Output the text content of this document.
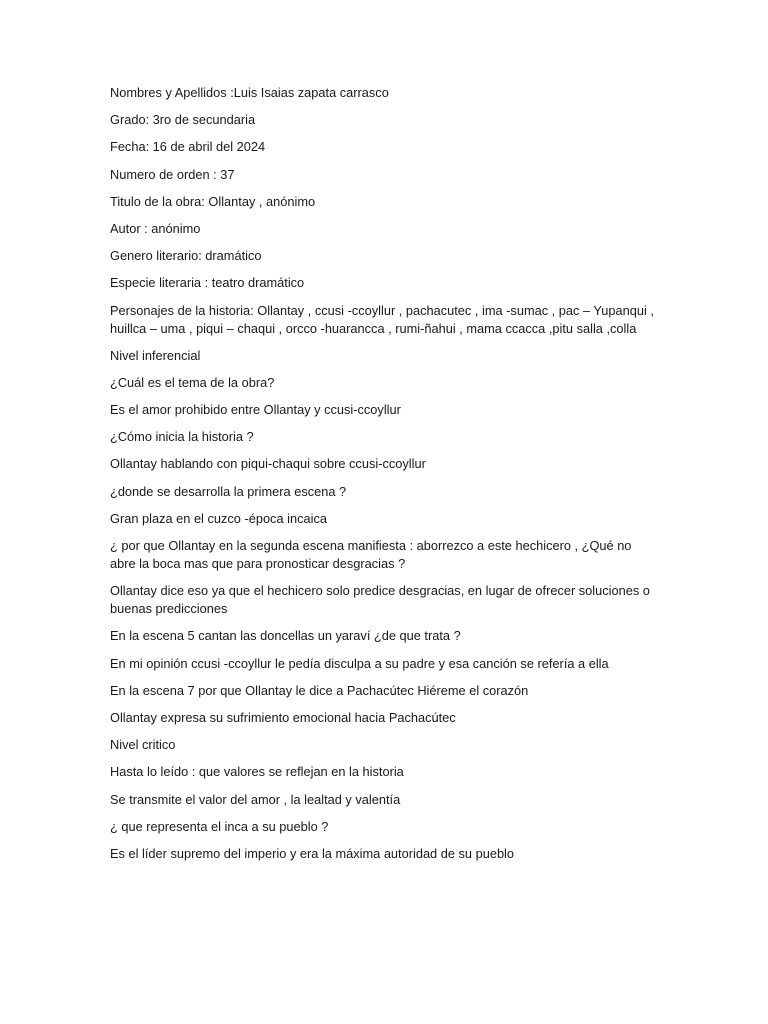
Nombres y Apellidos :Luis Isaias zapata carrasco

Grado: 3ro de secundaria

Fecha: 16 de abril del 2024

Numero de orden : 37

Titulo de la obra: Ollantay , anónimo

Autor : anónimo

Genero literario: dramático

Especie literaria : teatro dramático

Personajes de la historia: Ollantay , ccusi -ccoyllur , pachacutec , ima -sumac , pac – Yupanqui , huillca – uma , piqui – chaqui , orcco -huarancca , rumi-ñahui , mama ccacca ,pitu salla ,colla

Nivel inferencial

¿Cuál es el tema de la obra?

Es el amor prohibido entre Ollantay y ccusi-ccoyllur

¿Cómo inicia la historia ?

Ollantay hablando con piqui-chaqui sobre ccusi-ccoyllur

¿donde se desarrolla la primera escena ?

Gran plaza en el cuzco -época incaica

¿ por que Ollantay en la segunda escena manifiesta : aborrezco a este hechicero , ¿Qué no abre la boca mas que para pronosticar desgracias ?

Ollantay dice eso ya que el hechicero solo predice desgracias, en lugar de ofrecer soluciones o buenas predicciones

En la escena 5 cantan las doncellas un yaraví ¿de que trata ?

En mi opinión ccusi -ccoyllur le pedía disculpa a su padre y esa canción se refería a ella

En la escena 7 por que Ollantay le dice a Pachacútec Hiéreme el corazón

Ollantay expresa su sufrimiento emocional hacia Pachacútec

Nivel critico

Hasta lo leído : que valores se reflejan en la historia

Se transmite el valor del amor , la lealtad y valentía

¿ que representa el inca a su pueblo ?

Es el líder supremo del imperio y era la máxima autoridad de su pueblo
